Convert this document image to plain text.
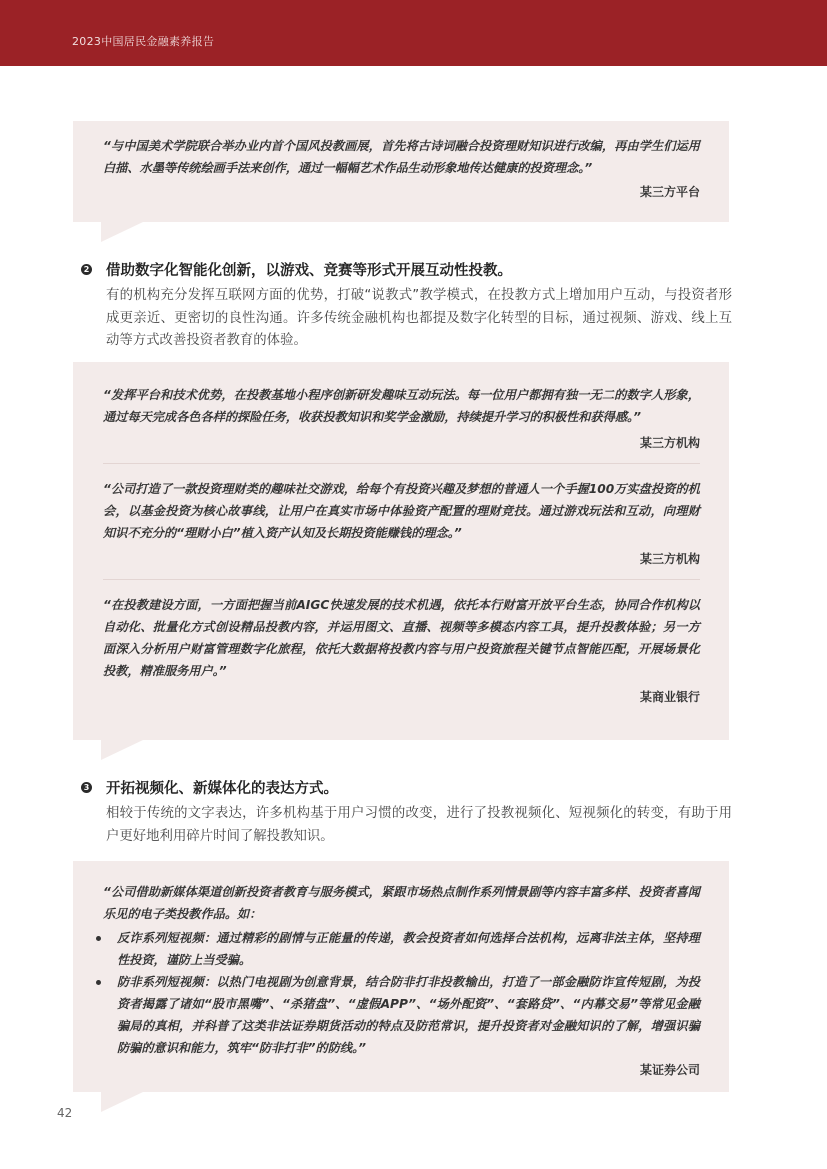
2023中国居民金融素养报告
“与中国美术学院联合举办业内首个国风投教画展，首先将古诗词融合投资理财知识进行改编，再由学生们运用白描、水墨等传统绘画手法来创作，通过一幅幅艺术作品生动形象地传达健康的投资理念。”
某三方平台
2 借助数字化智能化创新，以游戏、竞赛等形式开展互动性投教。
有的机构充分发挥互联网方面的优势，打破“说教式”教学模式，在投教方式上增加用户互动，与投资者形成更亲近、更密切的良性沟通。许多传统金融机构也都提及数字化转型的目标，通过视频、游戏、线上互动等方式改善投资者教育的体验。
“发挥平台和技术优势，在投教基地小程序创新研发趣味互动玩法。每一位用户都拥有独一无二的数字人形象，通过每天完成各色各样的探险任务，收获投教知识和奖学金激励，持续提升学习的积极性和获得感。”
某三方机构
“公司打造了一款投资理财类的趣味社交游戏，给每个有投资兴趣及梦想的普通人一个手握100万实盘投资的机会，以基金投资为核心故事线，让用户在真实市场中体验资产配置的理财竞技。通过游戏玩法和互动，向理财知识不充分的“理财小白”植入资产认知及长期投资能赚钱的理念。”
某三方机构
“在投教建设方面，一方面把握当前AIGC快速发展的技术机遇，依托本行财富开放平台生态，协同合作机构以自动化、批量化方式创设精品投教内容，并运用图文、直播、视频等多模态内容工具，提升投教体验；另一方面深入分析用户财富管理数字化旅程，依托大数据将投教内容与用户投资旅程关键节点智能匹配，开展场景化投教，精准服务用户。”
某商业银行
3 开拓视频化、新媒体化的表达方式。
相较于传统的文字表达，许多机构基于用户习惯的改变，进行了投教视频化、短视频化的转变，有助于用户更好地利用碎片时间了解投教知识。
“公司借助新媒体渠道创新投资者教育与服务模式，紧跟市场热点制作系列情景剧等内容丰富多样、投资者喜闻乐见的电子类投教作品。如：
反诈系列短视频：通过精彩的剧情与正能量的传递，教会投资者如何选择合法机构，远离非法主体，坚持理性投资，谨防上当受骗。
防非系列短视频：以热门电视剧为创意背景，结合防非打非投教输出，打造了一部金融防诈宣传短剧，为投资者揭露了诸如“股市黑嘴”、“杀猪盘”、“虚假APP”、“场外配资”、“套路贷”、“内幕交易”等常见金融骗局的真相，并科普了这类非法证券期货活动的特点及防范常识，提升投资者对金融知识的了解，增强识骗防骗的意识和能力，筑牢“防非打非”的防线。”
某证券公司
42
